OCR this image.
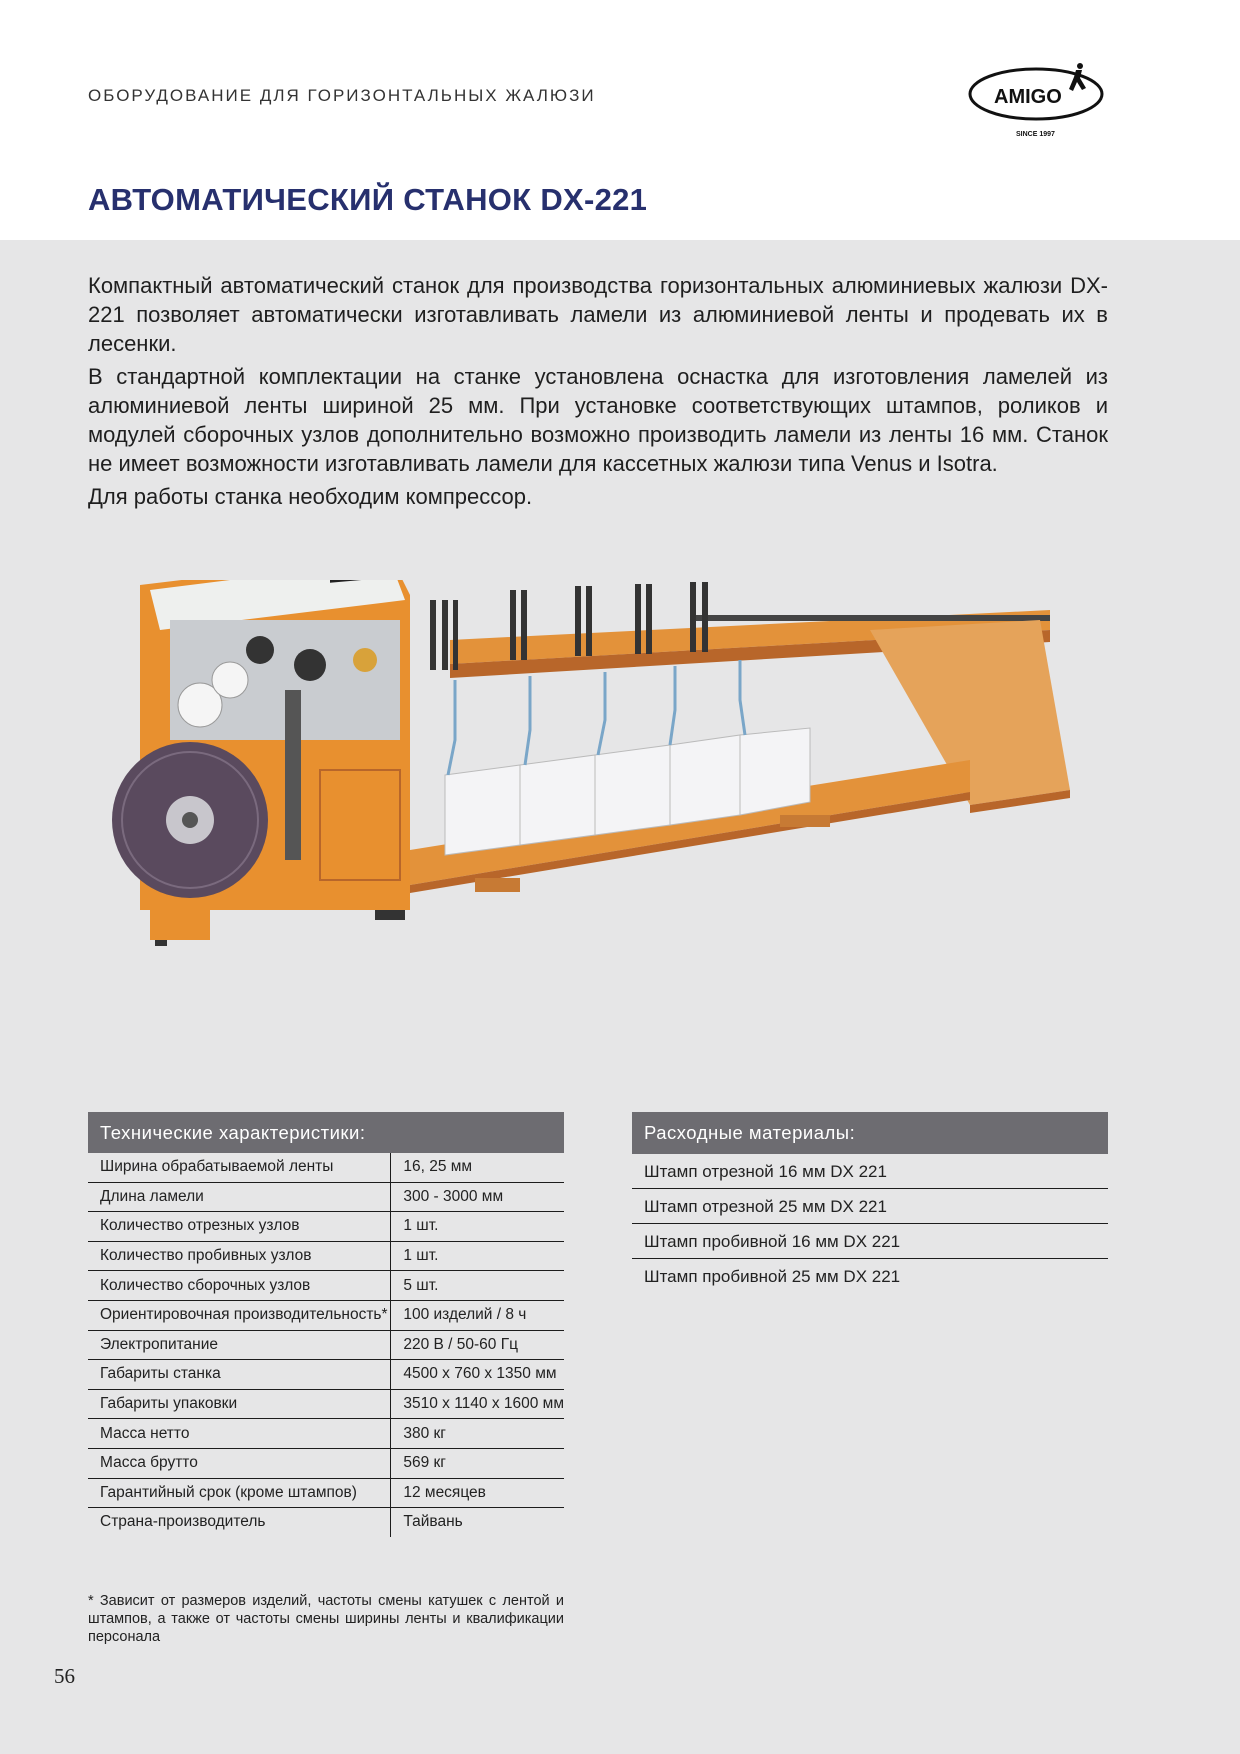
ОБОРУДОВАНИЕ ДЛЯ ГОРИЗОНТАЛЬНЫХ ЖАЛЮЗИ	AMIGO
SINCE 1997
АВТОМАТИЧЕСКИЙ СТАНОК DX-221

Компактный автоматический станок для производства горизонтальных алюминиевых жалюзи DX-221 позволяет автоматически изготавливать ламели из алюминиевой ленты и продевать их в лесенки.

В стандартной комплектации на станке установлена оснастка для изготовления ламелей из алюминиевой ленты шириной 25 мм. При установке соответствующих штампов, роликов и модулей сборочных узлов дополнительно возможно производить ламели из ленты 16 мм. Станок не имеет возможности изготавливать ламели для кассетных жалюзи типа Venus и Isotra.

Для работы станка необходим компрессор.

Технические характеристики:	

Ширина обрабатываемой ленты	16, 25 мм
Длина ламели	300 - 3000 мм
Количество отрезных узлов	1 шт.
Количество пробивных узлов	1 шт.
Количество сборочных узлов	5 шт.
Ориентировочная производительность*	100 изделий / 8 ч
Электропитание	220 В / 50-60 Гц
Габариты станка	4500 х 760 х 1350 мм
Габариты упаковки	3510 х 1140 х 1600 мм
Масса нетто	380 кг
Масса брутто	569 кг
Гарантийный срок (кроме штампов)	12 месяцев
Страна-производитель	Тайвань
Расходные материалы:
Штамп отрезной 16 мм DX 221
Штамп отрезной 25 мм DX 221
Штамп пробивной 16 мм DX 221
Штамп пробивной 25 мм DX 221
* Зависит от размеров изделий, частоты смены катушек с лентой и штампов, а также от частоты смены ширины ленты и квалификации персонала
56
